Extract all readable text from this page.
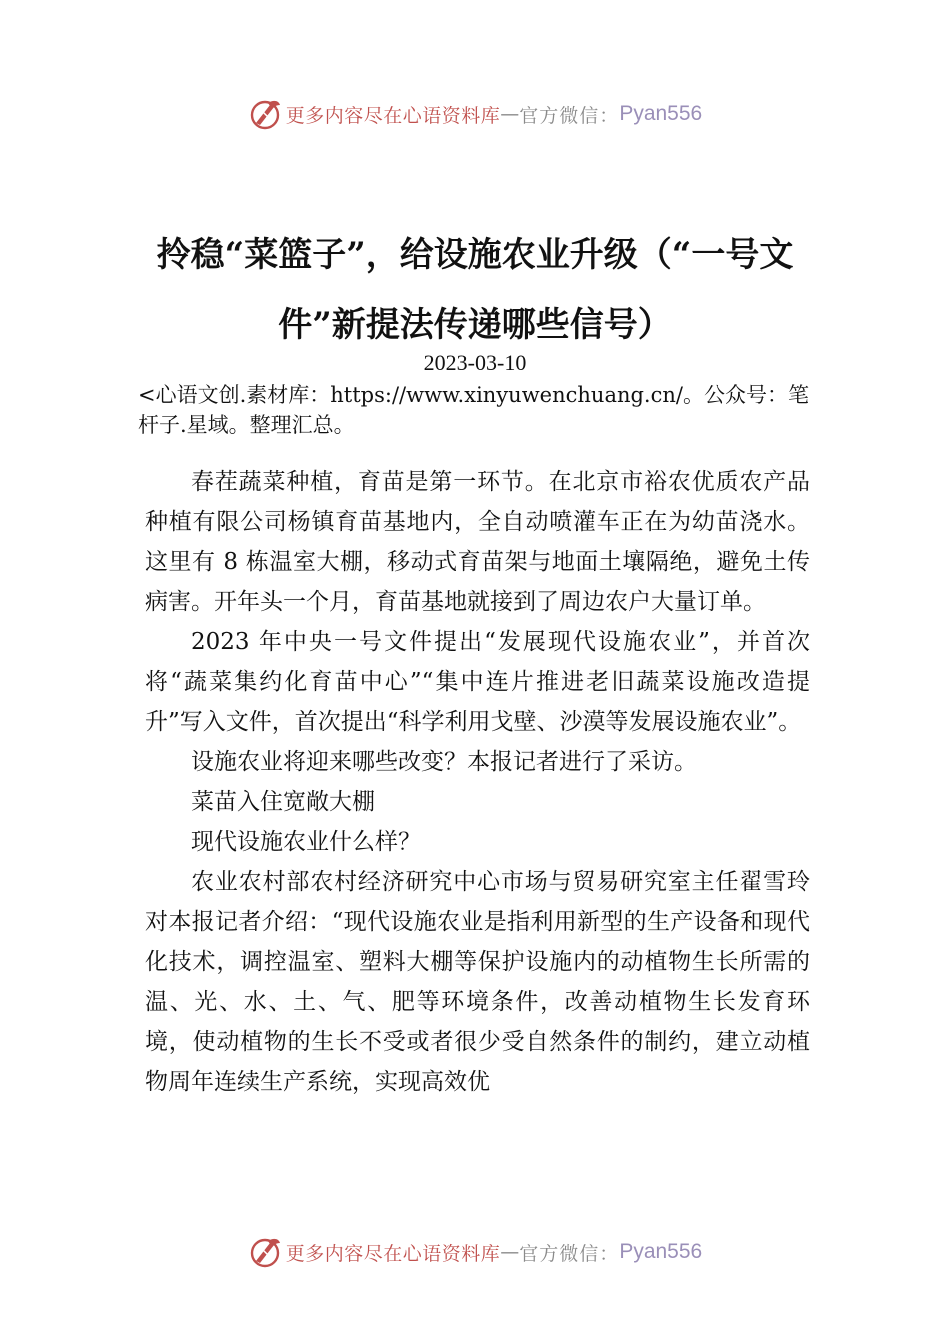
更多内容尽在心语资料库 — 官方微信： Pyan556
拎稳“菜篮子”，给设施农业升级（“一号文件”新提法传递哪些信号）
2023-03-10
<心语文创.素材库：https://www.xinyuwenchuang.cn/。公众号：笔杆子.星域。整理汇总。

春茬蔬菜种植，育苗是第一环节。在北京市裕农优质农产品种植有限公司杨镇育苗基地内，全自动喷灌车正在为幼苗浇水。这里有 8 栋温室大棚，移动式育苗架与地面土壤隔绝，避免土传病害。开年头一个月，育苗基地就接到了周边农户大量订单。

2023 年中央一号文件提出“发展现代设施农业”，并首次将“蔬菜集约化育苗中心”“集中连片推进老旧蔬菜设施改造提升”写入文件，首次提出“科学利用戈壁、沙漠等发展设施农业”。

设施农业将迎来哪些改变？本报记者进行了采访。

菜苗入住宽敞大棚

现代设施农业什么样？

农业农村部农村经济研究中心市场与贸易研究室主任翟雪玲对本报记者介绍：“现代设施农业是指利用新型的生产设备和现代化技术，调控温室、塑料大棚等保护设施内的动植物生长所需的温、光、水、土、气、肥等环境条件，改善动植物生长发育环境，使动植物的生长不受或者很少受自然条件的制约，建立动植物周年连续生产系统，实现高效优

更多内容尽在心语资料库 — 官方微信： Pyan556
